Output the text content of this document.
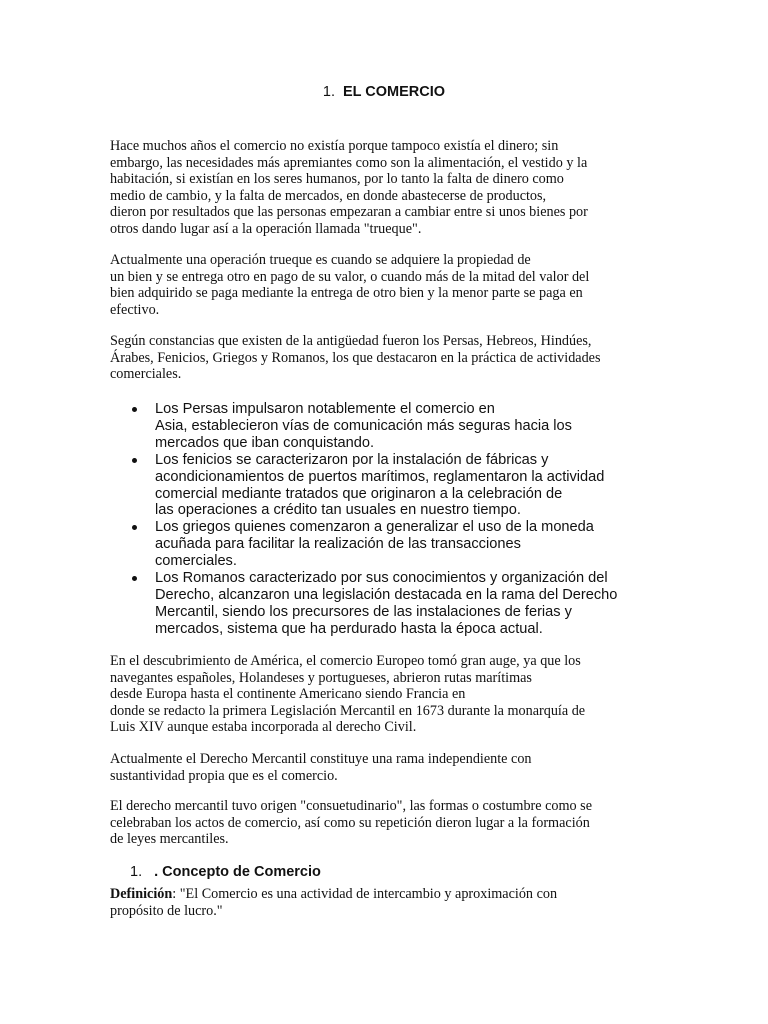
1. EL COMERCIO
Hace muchos años el comercio no existía porque tampoco existía el dinero; sin
embargo, las necesidades más apremiantes como son la alimentación, el vestido y la
habitación, si existían en los seres humanos, por lo tanto la falta de dinero como
medio de cambio, y la falta de mercados, en donde abastecerse de productos,
dieron por resultados que las personas empezaran a cambiar entre si unos bienes por
otros dando lugar así a la operación llamada "trueque".
Actualmente una operación trueque es cuando se adquiere la propiedad de
un bien y se entrega otro en pago de su valor, o cuando más de la mitad del valor del
bien adquirido se paga mediante la entrega de otro bien y la menor parte se paga en
efectivo.
Según constancias que existen de la antigüedad fueron los Persas, Hebreos, Hindúes,
Árabes, Fenicios, Griegos y Romanos, los que destacaron en la práctica de actividades
comerciales.
Los Persas impulsaron notablemente el comercio en
Asia, establecieron vías de comunicación más seguras hacia los
mercados que iban conquistando.
Los fenicios se caracterizaron por la instalación de fábricas y
acondicionamientos de puertos marítimos, reglamentaron la actividad
comercial mediante tratados que originaron a la celebración de
las operaciones a crédito tan usuales en nuestro tiempo.
Los griegos quienes comenzaron a generalizar el uso de la moneda
acuñada para facilitar la realización de las transacciones
comerciales.
Los Romanos caracterizado por sus conocimientos y organización del
Derecho, alcanzaron una legislación destacada en la rama del Derecho
Mercantil, siendo los precursores de las instalaciones de ferias y
mercados, sistema que ha perdurado hasta la época actual.
En el descubrimiento de América, el comercio Europeo tomó gran auge, ya que los
navegantes españoles, Holandeses y portugueses, abrieron rutas marítimas
desde Europa hasta el continente Americano siendo Francia en
donde se redacto la primera Legislación Mercantil en 1673 durante la monarquía de
Luis XIV aunque estaba incorporada al derecho Civil.
Actualmente el Derecho Mercantil constituye una rama independiente con
sustantividad propia que es el comercio.
El derecho mercantil tuvo origen "consuetudinario", las formas o costumbre como se
celebraban los actos de comercio, así como su repetición dieron lugar a la formación
de leyes mercantiles.
1. . Concepto de Comercio
Definición: "El Comercio es una actividad de intercambio y aproximación con
propósito de lucro."
